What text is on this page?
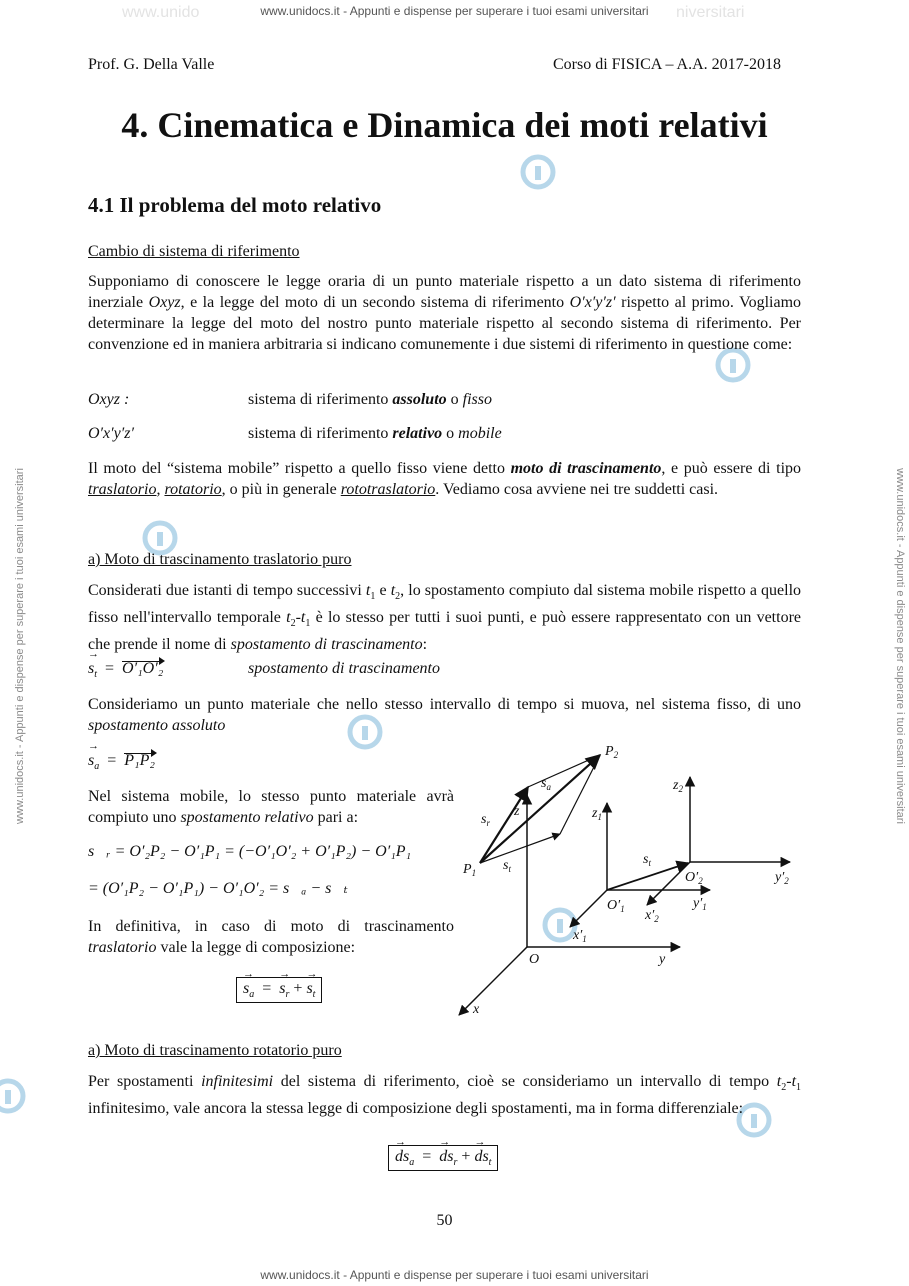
www.unidocs.it - Appunti e dispense per superare i tuoi esami universitari
www.unidocs.it - Appunti e dispense per superare i tuoi esami universitari
www.unido	niversitari
www.unidocs.it - Appunti e dispense per superare i tuoi esami universitari	www.unidocs.it - Appunti e dispense per superare i tuoi esami universitari
Prof. G. Della Valle	Corso di FISICA – A.A. 2017-2018
4. Cinematica e Dinamica dei moti relativi
4.1 Il problema del moto relativo
Cambio di sistema di riferimento
Supponiamo di conoscere le legge oraria di un punto materiale rispetto a un dato sistema di riferimento inerziale Oxyz, e la legge del moto di un secondo sistema di riferimento O′x′y′z′ rispetto al primo. Vogliamo determinare la legge del moto del nostro punto materiale rispetto al secondo sistema di riferimento. Per convenzione ed in maniera arbitraria si indicano comunemente i due sistemi di riferimento in questione come:
Oxyz :	sistema di riferimento assoluto o fisso
O′x′y′z′	sistema di riferimento relativo o mobile
Il moto del “sistema mobile” rispetto a quello fisso viene detto moto di trascinamento, e può essere di tipo traslatorio, rotatorio, o più in generale rototraslatorio. Vediamo cosa avviene nei tre suddetti casi.
a) Moto di trascinamento traslatorio puro
Considerati due istanti di tempo successivi $t_1$ e $t_2$, lo spostamento compiuto dal sistema mobile rispetto a quello fisso nell'intervallo temporale $t_2-t_1$ è lo stesso per tutti i suoi punti, e può essere rappresentato con un vettore che prende il nome di spostamento di trascinamento:
→ $s_t = O'_1O'_2$	spostamento di trascinamento
Consideriamo un punto materiale che nello stesso intervallo di tempo si muova, nel sistema fisso, di uno spostamento assoluto
→ $s_a = P_1P_2$
Nel sistema mobile, lo stesso punto materiale avrà compiuto uno spostamento relativo pari a:
s⃗ᵣ = O′₂P₂ − O′₁P₁ = (−O′₁O′₂ + O′₁P₂) − O′₁P₁
= (O′₁P₂ − O′₁P₁) − O′₁O′₂ = s⃗ₐ − s⃗ₜ
In definitiva, in caso di moto di trascinamento traslatorio vale la legge di composizione:
→ $s_a$ = → $s_r$ + → $s_t$
$P_1$
$P_2$
$s_a$
$s_r$
$s_t$
$s_t$
z
x
y
O
$z_1$
$y'_1$
$x'_1$
$O'_1$
$z_2$
$y'_2$
$x'_2$
$O'_2$
a) Moto di trascinamento rotatorio puro
Per spostamenti infinitesimi del sistema di riferimento, cioè se consideriamo un intervallo di tempo $t_2-t_1$ infinitesimo, vale ancora la stessa legge di composizione degli spostamenti, ma in forma differenziale:
→ $ds_a$ = → $ds_r$ + → $ds_t$
50
